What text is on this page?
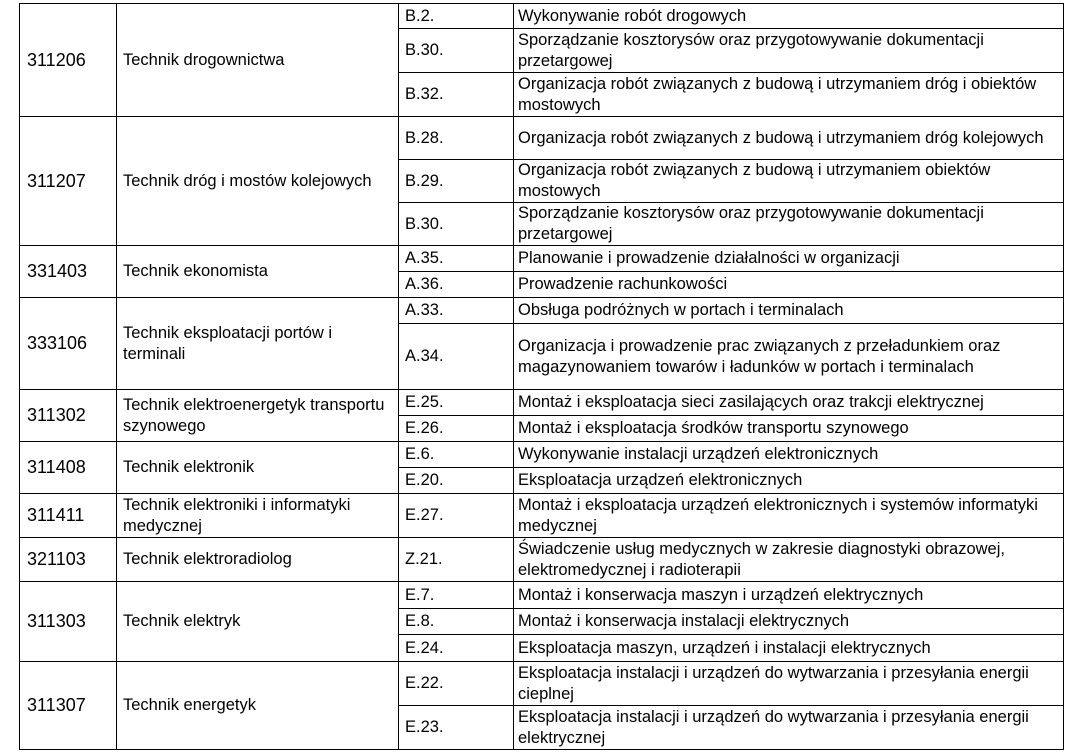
311206	Technik drogownictwa	B.2.	Wykonywanie robót drogowych
		B.30.	Sporządzanie kosztorysów oraz przygotowywanie dokumentacji przetargowej
		B.32.	Organizacja robót związanych z budową i utrzymaniem dróg i obiektów mostowych
311207	Technik dróg i mostów kolejowych	B.28.	Organizacja robót związanych z budową i utrzymaniem dróg kolejowych
		B.29.	Organizacja robót związanych z budową i utrzymaniem obiektów mostowych
		B.30.	Sporządzanie kosztorysów oraz przygotowywanie dokumentacji przetargowej
331403	Technik ekonomista	A.35.	Planowanie i prowadzenie działalności w organizacji
		A.36.	Prowadzenie rachunkowości
333106	Technik eksploatacji portów i terminali	A.33.	Obsługa podróżnych w portach i terminalach
		A.34.	Organizacja i prowadzenie prac związanych z przeładunkiem oraz magazynowaniem towarów i ładunków w portach i terminalach
311302	Technik elektroenergetyk transportu szynowego	E.25.	Montaż i eksploatacja sieci zasilających oraz trakcji elektrycznej
		E.26.	Montaż i eksploatacja środków transportu szynowego
311408	Technik elektronik	E.6.	Wykonywanie instalacji urządzeń elektronicznych
		E.20.	Eksploatacja urządzeń elektronicznych
311411	Technik elektroniki i informatyki medycznej	E.27.	Montaż i eksploatacja urządzeń elektronicznych i systemów informatyki medycznej
321103	Technik elektroradiolog	Z.21.	Świadczenie usług medycznych w zakresie diagnostyki obrazowej, elektromedycznej i radioterapii
311303	Technik elektryk	E.7.	Montaż i konserwacja maszyn i urządzeń elektrycznych
		E.8.	Montaż i konserwacja instalacji elektrycznych
		E.24.	Eksploatacja maszyn, urządzeń i instalacji elektrycznych
311307	Technik energetyk	E.22.	Eksploatacja instalacji i urządzeń do wytwarzania i przesyłania energii cieplnej
		E.23.	Eksploatacja instalacji i urządzeń do wytwarzania i przesyłania energii elektrycznej
